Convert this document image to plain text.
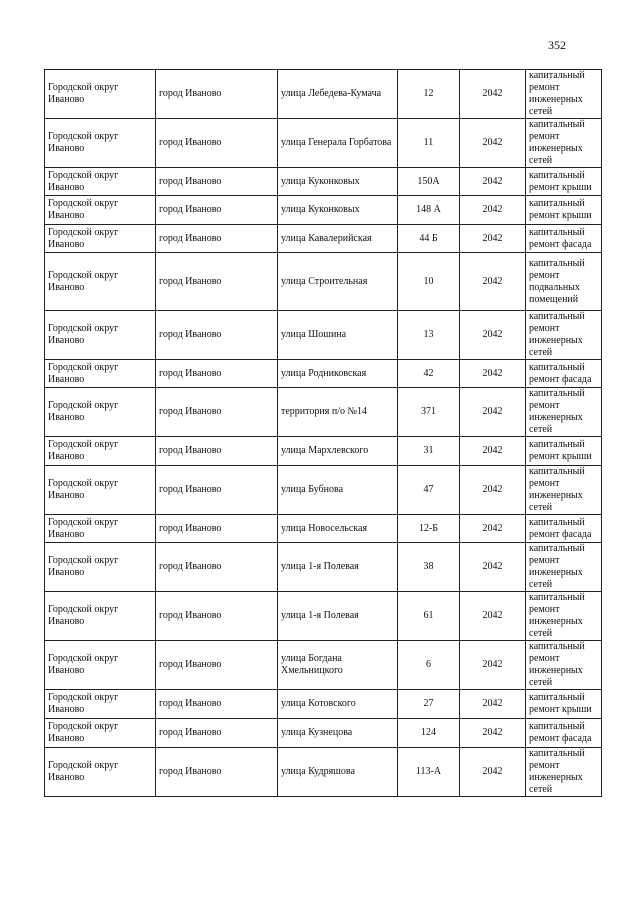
352
Городской округ Иваново	город Иваново	улица Лебедева-Кумача	12	2042	капитальный ремонт инженерных сетей
Городской округ Иваново	город Иваново	улица Генерала Горбатова	11	2042	капитальный ремонт инженерных сетей
Городской округ Иваново	город Иваново	улица Куконковых	150А	2042	капитальный ремонт крыши
Городской округ Иваново	город Иваново	улица Куконковых	148 А	2042	капитальный ремонт крыши
Городской округ Иваново	город Иваново	улица Кавалерийская	44 Б	2042	капитальный ремонт фасада
Городской округ Иваново	город Иваново	улица Строительная	10	2042	капитальный ремонт подвальных помещений
Городской округ Иваново	город Иваново	улица Шошина	13	2042	капитальный ремонт инженерных сетей
Городской округ Иваново	город Иваново	улица Родниковская	42	2042	капитальный ремонт фасада
Городской округ Иваново	город Иваново	территория п/о №14	371	2042	капитальный ремонт инженерных сетей
Городской округ Иваново	город Иваново	улица Мархлевского	31	2042	капитальный ремонт крыши
Городской округ Иваново	город Иваново	улица Бубнова	47	2042	капитальный ремонт инженерных сетей
Городской округ Иваново	город Иваново	улица Новосельская	12-Б	2042	капитальный ремонт фасада
Городской округ Иваново	город Иваново	улица 1-я Полевая	38	2042	капитальный ремонт инженерных сетей
Городской округ Иваново	город Иваново	улица 1-я Полевая	61	2042	капитальный ремонт инженерных сетей
Городской округ Иваново	город Иваново	улица Богдана Хмельницкого	6	2042	капитальный ремонт инженерных сетей
Городской округ Иваново	город Иваново	улица Котовского	27	2042	капитальный ремонт крыши
Городской округ Иваново	город Иваново	улица Кузнецова	124	2042	капитальный ремонт фасада
Городской округ Иваново	город Иваново	улица Кудряшова	113-А	2042	капитальный ремонт инженерных сетей
